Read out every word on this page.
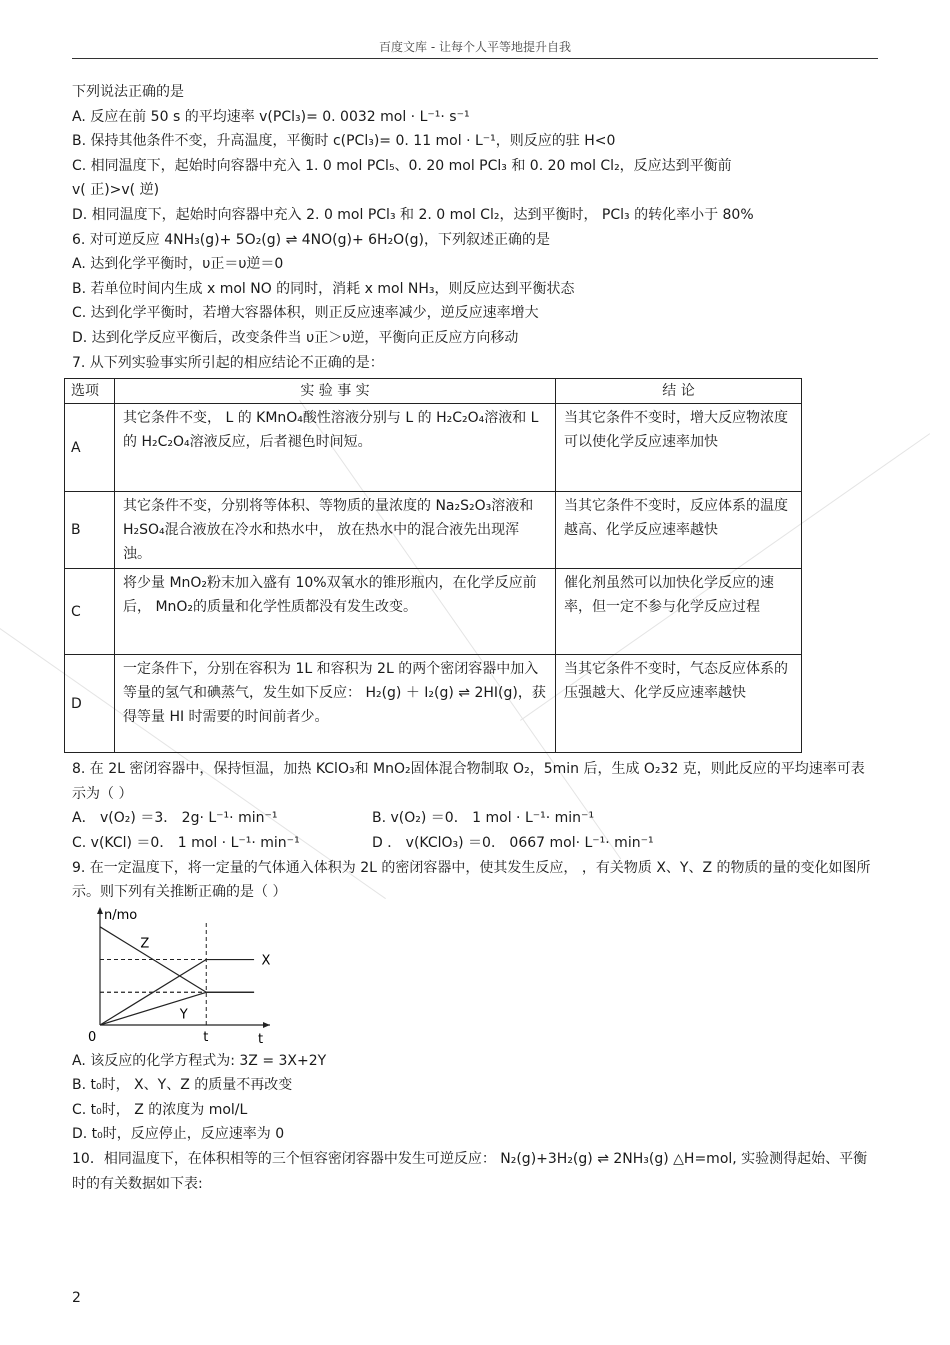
百度文库 - 让每个人平等地提升自我

下列说法正确的是

A. 反应在前 50 s 的平均速率 v(PCl₃)= 0. 0032 mol · L⁻¹· s⁻¹

B. 保持其他条件不变，升高温度，平衡时 c(PCl₃)= 0. 11 mol · L⁻¹，则反应的驻 H<0

C. 相同温度下，起始时向容器中充入 1. 0 mol PCl₅、0. 20 mol PCl₃ 和 0. 20 mol Cl₂，反应达到平衡前

v( 正)>v( 逆)

D. 相同温度下，起始时向容器中充入 2. 0 mol PCl₃ 和 2. 0 mol Cl₂，达到平衡时， PCl₃ 的转化率小于 80%

6. 对可逆反应 4NH₃(g)+ 5O₂(g) ⇌ 4NO(g)+ 6H₂O(g)，下列叙述正确的是

A. 达到化学平衡时，υ正＝υ逆＝0

B. 若单位时间内生成 x mol NO 的同时，消耗 x mol NH₃，则反应达到平衡状态

C. 达到化学平衡时，若增大容器体积，则正反应速率减少，逆反应速率增大

D. 达到化学反应平衡后，改变条件当 υ正＞υ逆，平衡向正反应方向移动

7. 从下列实验事实所引起的相应结论不正确的是：

选项	实 验 事 实	结 论
A	其它条件不变， L 的 KMnO₄酸性溶液分别与 L 的 H₂C₂O₄溶液和 L 的 H₂C₂O₄溶液反应，后者褪色时间短。	当其它条件不变时，增大反应物浓度可以使化学反应速率加快
B	其它条件不变，分别将等体积、等物质的量浓度的 Na₂S₂O₃溶液和 H₂SO₄混合液放在冷水和热水中， 放在热水中的混合液先出现浑浊。	当其它条件不变时，反应体系的温度越高、化学反应速率越快
C	将少量 MnO₂粉末加入盛有 10%双氧水的锥形瓶内，在化学反应前后， MnO₂的质量和化学性质都没有发生改变。	催化剂虽然可以加快化学反应的速率，但一定不参与化学反应过程
D	一定条件下，分别在容积为 1L 和容积为 2L 的两个密闭容器中加入等量的氢气和碘蒸气，发生如下反应： H₂(g) ＋ I₂(g) ⇌ 2HI(g)，获得等量 HI 时需要的时间前者少。	当其它条件不变时，气态反应体系的压强越大、化学反应速率越快

8. 在 2L 密闭容器中，保持恒温，加热 KClO₃和 MnO₂固体混合物制取 O₂，5min 后，生成 O₂32 克，则此反应的平均速率可表示为（ ）

A． v(O₂) ＝3． 2g· L⁻¹· min⁻¹	B. v(O₂) ＝0． 1 mol · L⁻¹· min⁻¹

C. v(KCl) ＝0． 1 mol · L⁻¹· min⁻¹	D ． v(KClO₃) ＝0． 0667 mol· L⁻¹· min⁻¹

9. 在一定温度下，将一定量的气体通入体积为 2L 的密闭容器中，使其发生反应， ，有关物质 X、Y、Z 的物质的量的变化如图所示。则下列有关推断正确的是（ ）

Z
X
Y
n/mo
0	t	t

A. 该反应的化学方程式为: 3Z = 3X+2Y

B. t₀时， X、Y、Z 的质量不再改变

C. t₀时， Z 的浓度为 mol/L

D. t₀时，反应停止，反应速率为 0

10．相同温度下，在体积相等的三个恒容密闭容器中发生可逆反应： N₂(g)+3H₂(g) ⇌ 2NH₃(g) △H=mol, 实验测得起始、平衡时的有关数据如下表:

2
